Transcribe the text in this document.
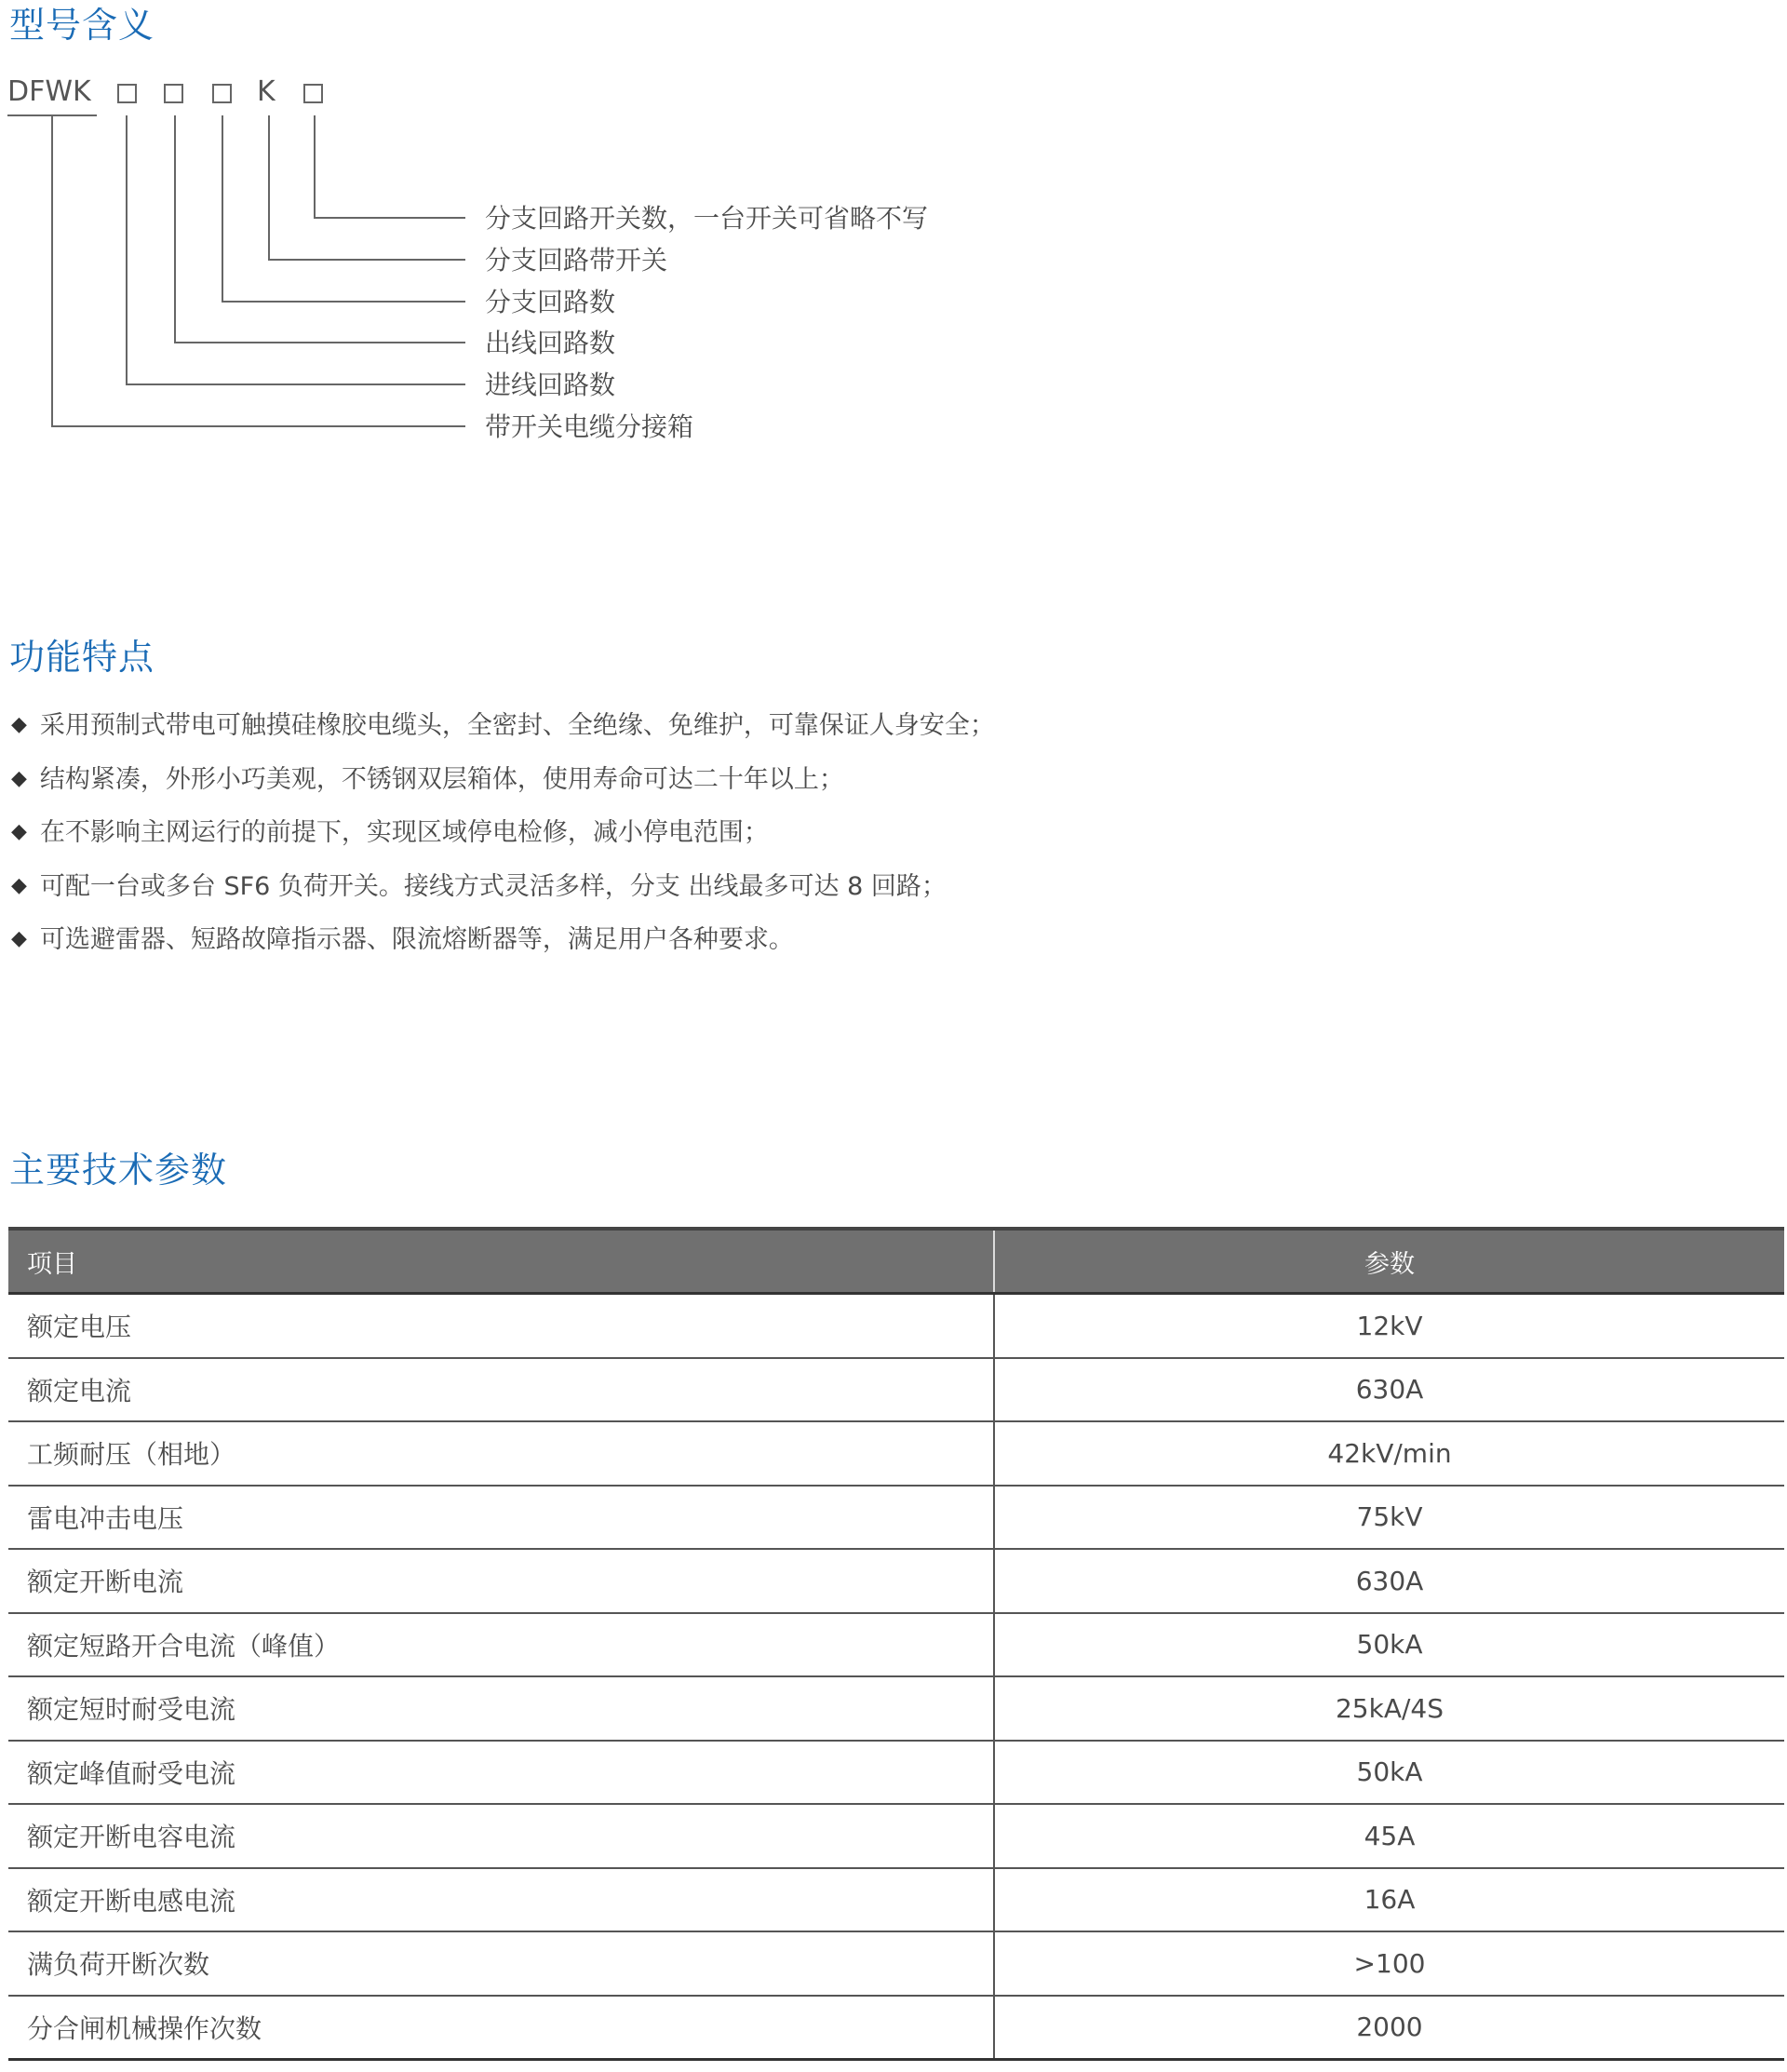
型号含义
DFWK	K
分支回路开关数，一台开关可省略不写
分支回路带开关
分支回路数
出线回路数
进线回路数
带开关电缆分接箱
功能特点
◆ 采用预制式带电可触摸硅橡胶电缆头，全密封、全绝缘、免维护，可靠保证人身安全；
◆ 结构紧凑，外形小巧美观，不锈钢双层箱体，使用寿命可达二十年以上；
◆ 在不影响主网运行的前提下，实现区域停电检修，减小停电范围；
◆ 可配一台或多台 SF6 负荷开关。接线方式灵活多样，分支 出线最多可达 8 回路；
◆ 可选避雷器、短路故障指示器、限流熔断器等，满足用户各种要求。
主要技术参数
项目	参数
额定电压	12kV
额定电流	630A
工频耐压（相地）	42kV/min
雷电冲击电压	75kV
额定开断电流	630A
额定短路开合电流（峰值）	50kA
额定短时耐受电流	25kA/4S
额定峰值耐受电流	50kA
额定开断电容电流	45A
额定开断电感电流	16A
满负荷开断次数	>100
分合闸机械操作次数	2000
